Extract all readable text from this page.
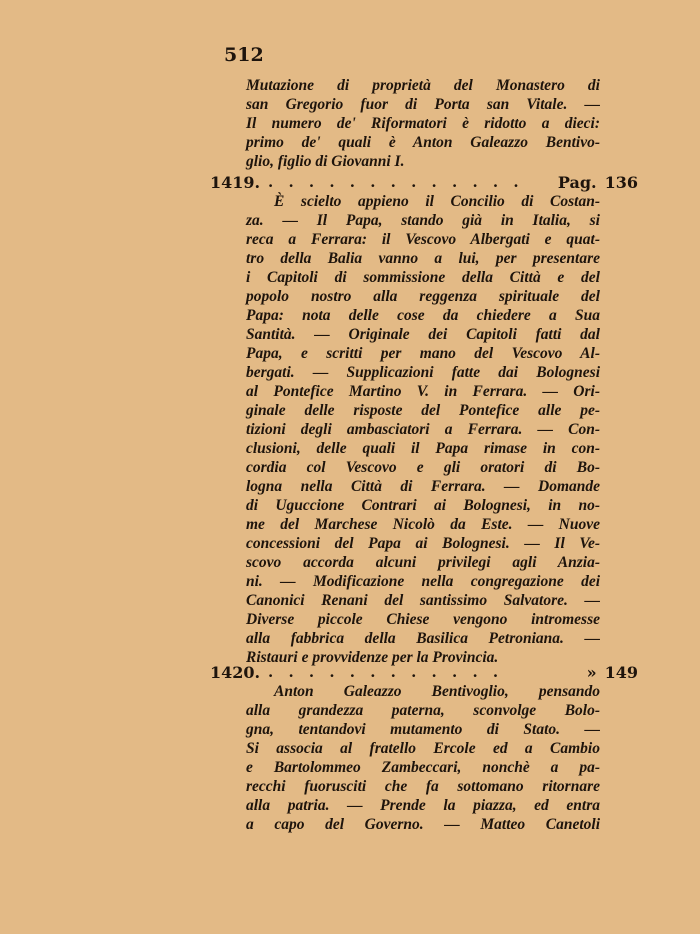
512
Mutazione di proprietà del Monastero di
san Gregorio fuor di Porta san Vitale. —
Il numero de' Riformatori è ridotto a dieci:
primo de' quali è Anton Galeazzo Bentivo-
glio, figlio di Giovanni I.
1419. . . . . . . . . . . . . . Pag. 136
È scielto appieno il Concilio di Costan-
za. — Il Papa, stando già in Italia, si
reca a Ferrara: il Vescovo Albergati e quat-
tro della Balia vanno a lui, per presentare
i Capitoli di sommissione della Città e del
popolo nostro alla reggenza spirituale del
Papa: nota delle cose da chiedere a Sua
Santità. — Originale dei Capitoli fatti dal
Papa, e scritti per mano del Vescovo Al-
bergati. — Supplicazioni fatte dai Bolognesi
al Pontefice Martino V. in Ferrara. — Ori-
ginale delle risposte del Pontefice alle pe-
tizioni degli ambasciatori a Ferrara. — Con-
clusioni, delle quali il Papa rimase in con-
cordia col Vescovo e gli oratori di Bo-
logna nella Città di Ferrara. — Domande
di Uguccione Contrari ai Bolognesi, in no-
me del Marchese Nicolò da Este. — Nuove
concessioni del Papa ai Bolognesi. — Il Ve-
scovo accorda alcuni privilegi agli Anzia-
ni. — Modificazione nella congregazione dei
Canonici Renani del santissimo Salvatore. —
Diverse piccole Chiese vengono intromesse
alla fabbrica della Basilica Petroniana. —
Ristauri e provvidenze per la Provincia.
1420. . . . . . . . . . . . .	» 149
Anton Galeazzo Bentivoglio, pensando
alla grandezza paterna, sconvolge Bolo-
gna, tentandovi mutamento di Stato. —
Si associa al fratello Ercole ed a Cambio
e Bartolommeo Zambeccari, nonchè a pa-
recchi fuorusciti che fa sottomano ritornare
alla patria. — Prende la piazza, ed entra
a capo del Governo. — Matteo Canetoli
